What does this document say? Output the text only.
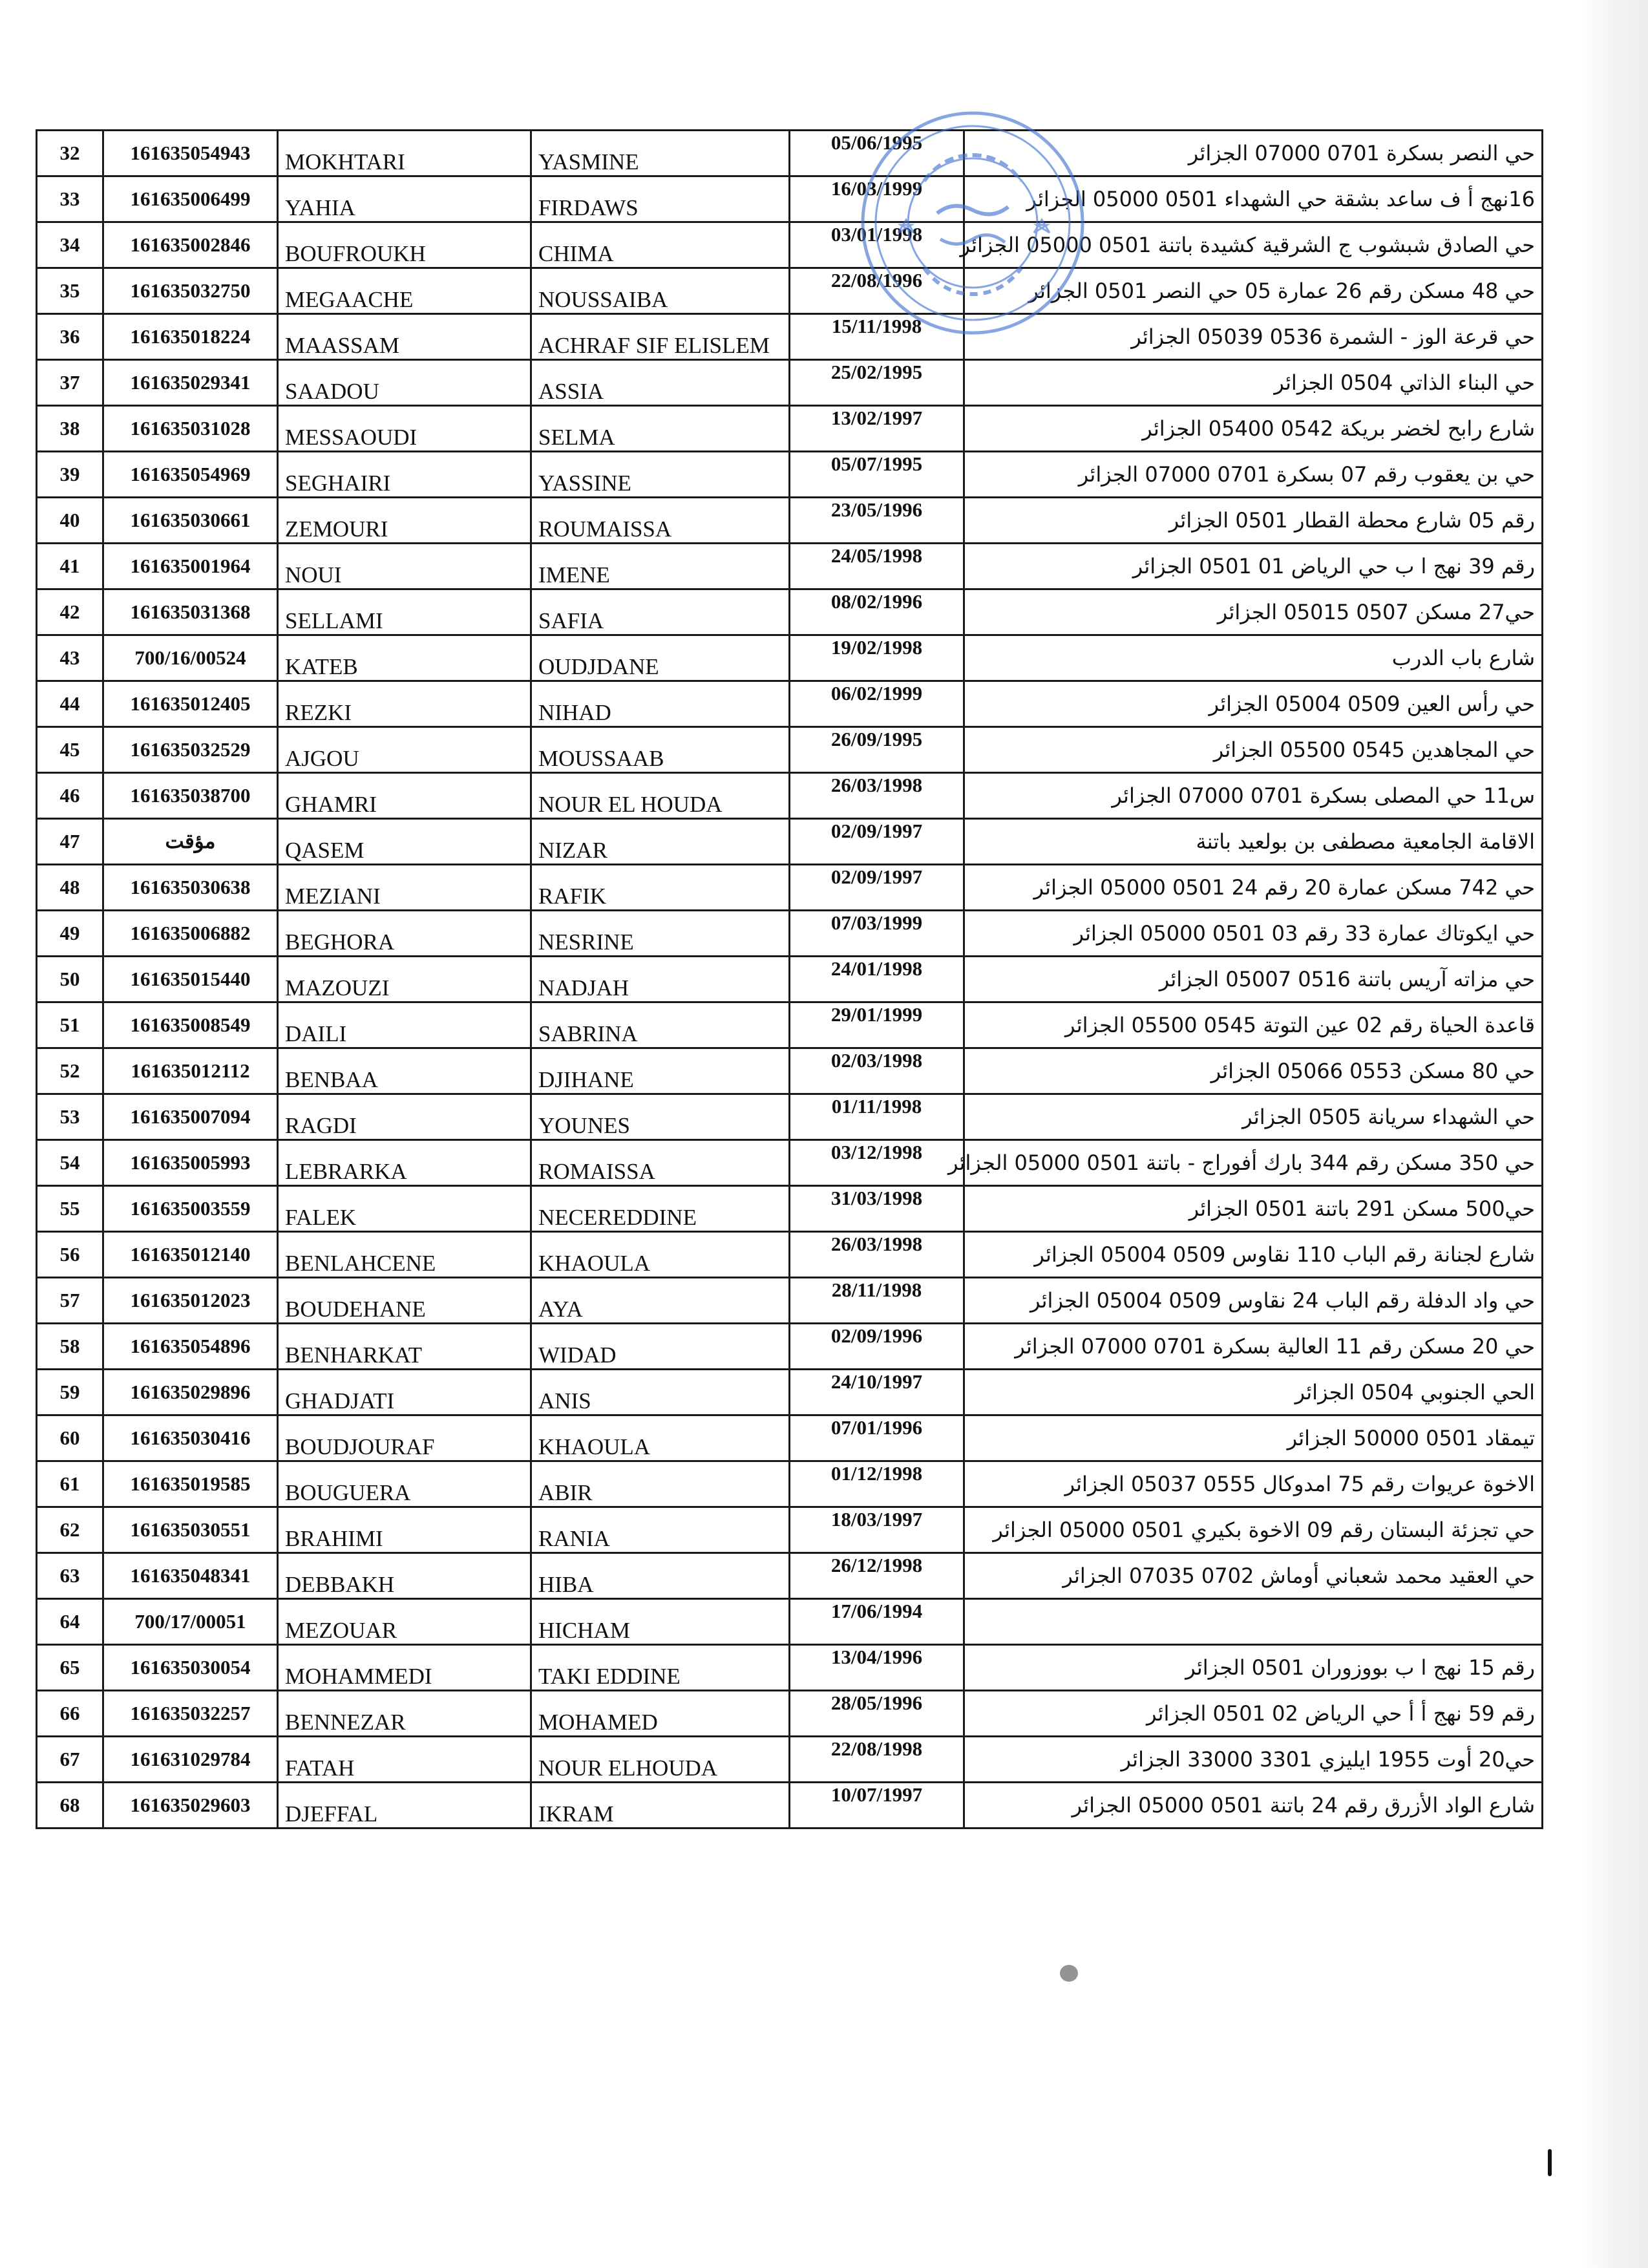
32	161635054943	MOKHTARI	YASMINE	05/06/1995	حي النصر بسكرة 0701 07000 الجزائر
33	161635006499	YAHIA	FIRDAWS	16/03/1999	16نهج أ ف ساعد بشقة حي الشهداء 0501 05000 الجزائر
34	161635002846	BOUFROUKH	CHIMA	03/01/1998	حي الصادق شبشوب ج الشرقية كشيدة باتنة 0501 05000 الجزائر
35	161635032750	MEGAACHE	NOUSSAIBA	22/08/1996	حي 48 مسكن رقم 26 عمارة 05 حي النصر 0501 الجزائر
36	161635018224	MAASSAM	ACHRAF SIF ELISLEM	15/11/1998	حي قرعة الوز - الشمرة 0536 05039 الجزائر
37	161635029341	SAADOU	ASSIA	25/02/1995	حي البناء الذاتي 0504 الجزائر
38	161635031028	MESSAOUDI	SELMA	13/02/1997	شارع رابح لخضر بريكة 0542 05400 الجزائر
39	161635054969	SEGHAIRI	YASSINE	05/07/1995	حي بن يعقوب رقم 07 بسكرة 0701 07000 الجزائر
40	161635030661	ZEMOURI	ROUMAISSA	23/05/1996	رقم 05 شارع محطة القطار 0501 الجزائر
41	161635001964	NOUI	IMENE	24/05/1998	رقم 39 نهج ا ب حي الرياض 01 0501 الجزائر
42	161635031368	SELLAMI	SAFIA	08/02/1996	حي27 مسكن 0507 05015 الجزائر
43	700/16/00524	KATEB	OUDJDANE	19/02/1998	شارع باب الدرب
44	161635012405	REZKI	NIHAD	06/02/1999	حي رأس العين 0509 05004 الجزائر
45	161635032529	AJGOU	MOUSSAAB	26/09/1995	حي المجاهدين 0545 05500 الجزائر
46	161635038700	GHAMRI	NOUR EL HOUDA	26/03/1998	س11 حي المصلى بسكرة 0701 07000 الجزائر
47	مؤقت	QASEM	NIZAR	02/09/1997	الاقامة الجامعية مصطفى بن بولعيد باتنة
48	161635030638	MEZIANI	RAFIK	02/09/1997	حي 742 مسكن عمارة 20 رقم 24 0501 05000 الجزائر
49	161635006882	BEGHORA	NESRINE	07/03/1999	حي ايكوتاك عمارة 33 رقم 03 0501 05000 الجزائر
50	161635015440	MAZOUZI	NADJAH	24/01/1998	حي مزاته آريس باتنة 0516 05007 الجزائر
51	161635008549	DAILI	SABRINA	29/01/1999	قاعدة الحياة رقم 02 عين التوتة 0545 05500 الجزائر
52	161635012112	BENBAA	DJIHANE	02/03/1998	حي 80 مسكن 0553 05066 الجزائر
53	161635007094	RAGDI	YOUNES	01/11/1998	حي الشهداء سريانة 0505 الجزائر
54	161635005993	LEBRARKA	ROMAISSA	03/12/1998	حي 350 مسكن رقم 344 بارك أفوراج - باتنة 0501 05000 الجزائر
55	161635003559	FALEK	NECEREDDINE	31/03/1998	حي500 مسكن 291 باتنة 0501 الجزائر
56	161635012140	BENLAHCENE	KHAOULA	26/03/1998	شارع لجنانة رقم الباب 110 نقاوس 0509 05004 الجزائر
57	161635012023	BOUDEHANE	AYA	28/11/1998	حي واد الدفلة رقم الباب 24 نقاوس 0509 05004 الجزائر
58	161635054896	BENHARKAT	WIDAD	02/09/1996	حي 20 مسكن رقم 11 العالية بسكرة 0701 07000 الجزائر
59	161635029896	GHADJATI	ANIS	24/10/1997	الحي الجنوبي 0504 الجزائر
60	161635030416	BOUDJOURAF	KHAOULA	07/01/1996	تيمقاد 0501 50000 الجزائر
61	161635019585	BOUGUERA	ABIR	01/12/1998	الاخوة عريوات رقم 75 امدوكال 0555 05037 الجزائر
62	161635030551	BRAHIMI	RANIA	18/03/1997	حي تجزئة البستان رقم 09 الاخوة بكيري 0501 05000 الجزائر
63	161635048341	DEBBAKH	HIBA	26/12/1998	حي العقيد محمد شعباني أوماش 0702 07035 الجزائر
64	700/17/00051	MEZOUAR	HICHAM	17/06/1994	
65	161635030054	MOHAMMEDI	TAKI EDDINE	13/04/1996	رقم 15 نهج ا ب بووزوران 0501 الجزائر
66	161635032257	BENNEZAR	MOHAMED	28/05/1996	رقم 59 نهج أ أ حي الرياض 02 0501 الجزائر
67	161631029784	FATAH	NOUR ELHOUDA	22/08/1998	حي20 أوت 1955 ايليزي 3301 33000 الجزائر
68	161635029603	DJEFFAL	IKRAM	10/07/1997	شارع الواد الأزرق رقم 24 باتنة 0501 05000 الجزائر
